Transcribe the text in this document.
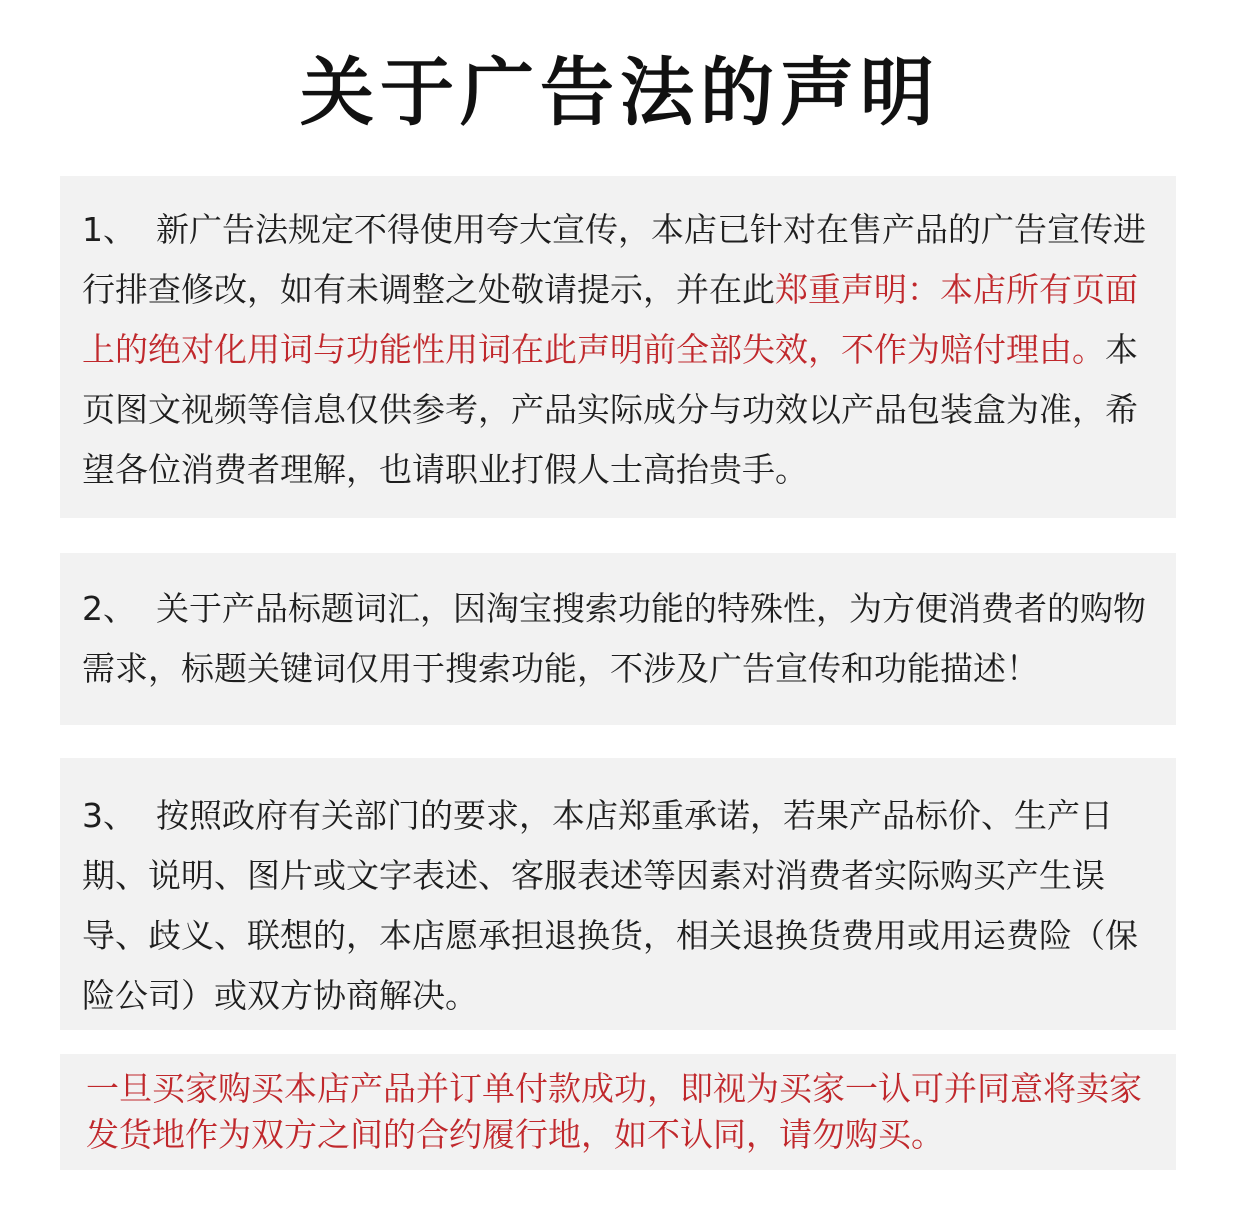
关于广告法的声明
1、 新广告法规定不得使用夸大宣传，本店已针对在售产品的广告宣传进行排查修改，如有未调整之处敬请提示，并在此郑重声明：本店所有页面上的绝对化用词与功能性用词在此声明前全部失效，不作为赔付理由。本页图文视频等信息仅供参考，产品实际成分与功效以产品包装盒为准，希望各位消费者理解，也请职业打假人士高抬贵手。
2、 关于产品标题词汇，因淘宝搜索功能的特殊性，为方便消费者的购物需求，标题关键词仅用于搜索功能，不涉及广告宣传和功能描述！
3、 按照政府有关部门的要求，本店郑重承诺，若果产品标价、生产日期、说明、图片或文字表述、客服表述等因素对消费者实际购买产生误导、歧义、联想的，本店愿承担退换货，相关退换货费用或用运费险（保险公司）或双方协商解决。
一旦买家购买本店产品并订单付款成功，即视为买家一认可并同意将卖家发货地作为双方之间的合约履行地，如不认同，请勿购买。
